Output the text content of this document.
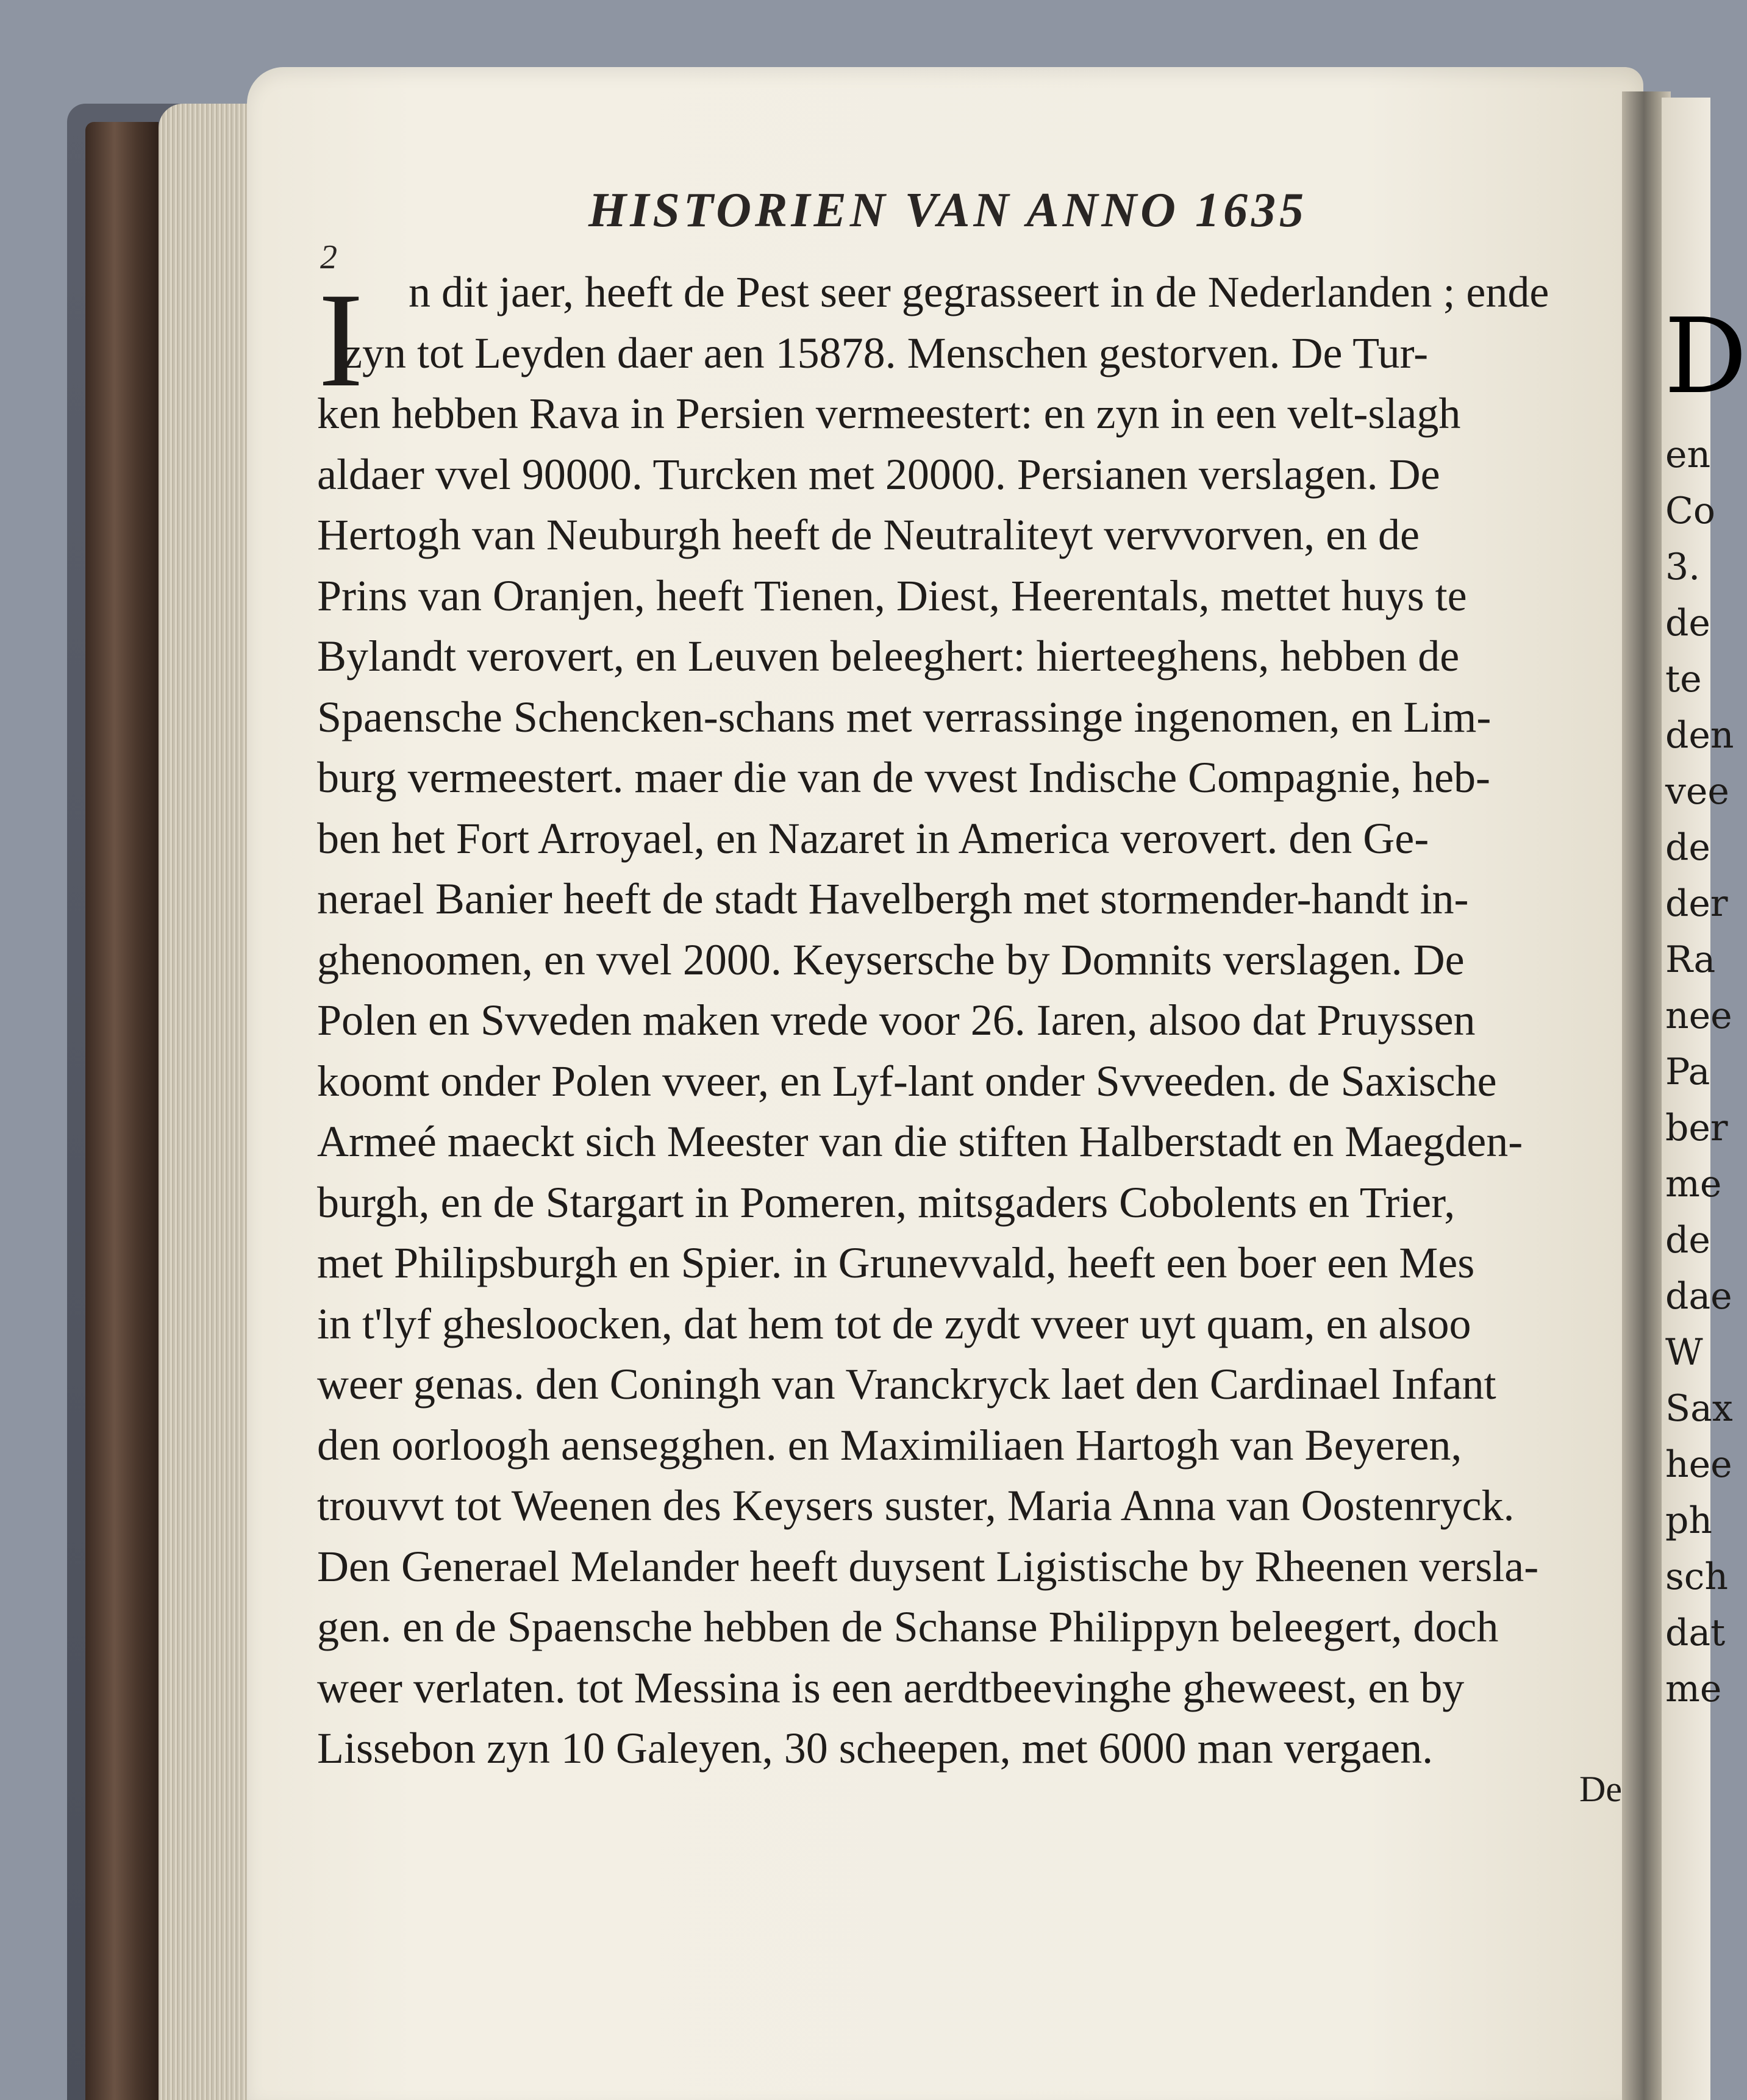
D
en
Co
3.
de
te
den
vee
de
der
Ra
nee
Pa
ber
me
de
dae
W
Sax
hee
ph
sch
dat
me
2
HISTORIEN VAN ANNO 1635
I	n dit jaer, heeft de Pest seer gegrasseert in de Nederlanden ; ende
zyn tot Leyden daer aen 15878. Menschen gestorven. De Tur-
ken hebben Rava in Persien vermeestert: en zyn in een velt-slagh
aldaer vvel 90000. Turcken met 20000. Persianen verslagen. De
Hertogh van Neuburgh heeft de Neutraliteyt vervvorven, en de
Prins van Oranjen, heeft Tienen, Diest, Heerentals, mettet huys te
Bylandt verovert, en Leuven beleeghert: hierteeghens, hebben de
Spaensche Schencken-schans met verrassinge ingenomen, en Lim-
burg vermeestert. maer die van de vvest Indische Compagnie, heb-
ben het Fort Arroyael, en Nazaret in America verovert. den Ge-
nerael Banier heeft de stadt Havelbergh met stormender-handt in-
ghenoomen, en vvel 2000. Keysersche by Domnits verslagen. De
Polen en Svveden maken vrede voor 26. Iaren, alsoo dat Pruyssen
koomt onder Polen vveer, en Lyf-lant onder Svveeden. de Saxische
Armeé maeckt sich Meester van die stiften Halberstadt en Maegden-
burgh, en de Stargart in Pomeren, mitsgaders Cobolents en Trier,
met Philipsburgh en Spier. in Grunevvald, heeft een boer een Mes
in t'lyf ghesloocken, dat hem tot de zydt vveer uyt quam, en alsoo
weer genas. den Coningh van Vranckryck laet den Cardinael Infant
den oorloogh aensegghen. en Maximiliaen Hartogh van Beyeren,
trouvvt tot Weenen des Keysers suster, Maria Anna van Oostenryck.
Den Generael Melander heeft duysent Ligistische by Rheenen versla-
gen. en de Spaensche hebben de Schanse Philippyn beleegert, doch
weer verlaten. tot Messina is een aerdtbeevinghe gheweest, en by
Lissebon zyn 10 Galeyen, 30 scheepen, met 6000 man vergaen.
De
